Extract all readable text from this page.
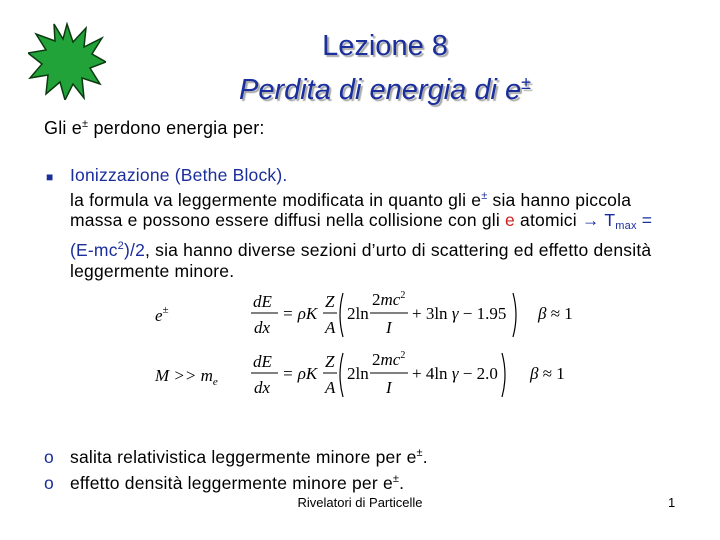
Lezione 8
Perdita di energia di e±
Gli e± perdono energia per:
■ Ionizzazione (Bethe Block).
la formula va leggermente modificata in quanto gli e± sia hanno piccola massa e possono essere diffusi nella collisione con gli e atomici → $T_{max} = (E-mc^2)/2$, sia hanno diverse sezioni d’urto di scattering ed effetto densità leggermente minore.
e±	dE
dx
= ρK
Z
A
2ln
$2mc^2$
I
+ 3ln γ − 1.95 β ≈ 1
$M >> m_e$
dE
dx
= ρK
Z
A
2ln
$2mc^2$
I
+ 4ln γ − 2.0 β ≈ 1
o salita relativistica leggermente minore per e±.
o effetto densità leggermente minore per e±.
Rivelatori di Particelle	1
